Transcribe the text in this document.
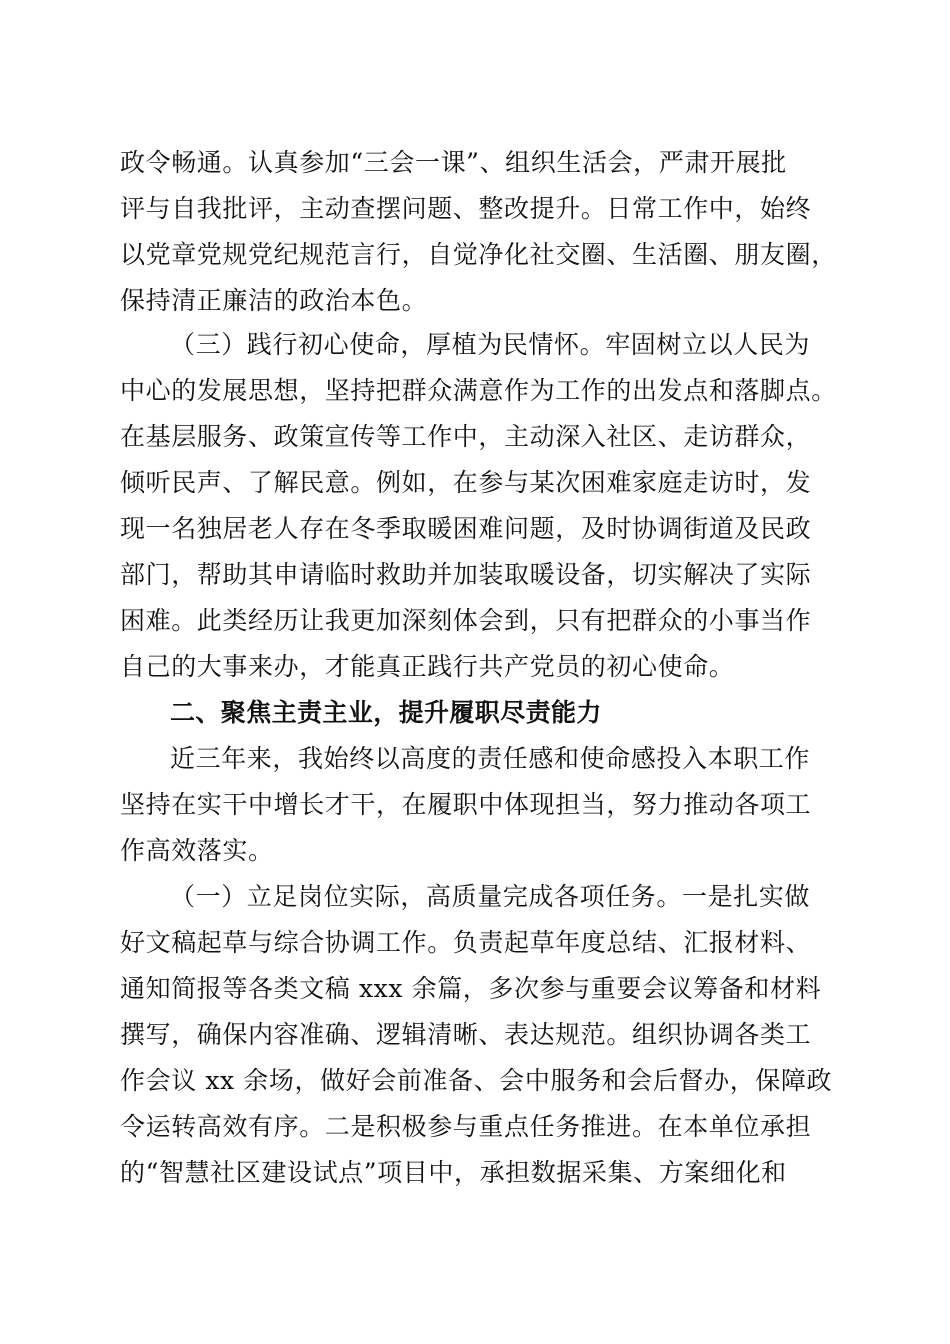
政令畅通。认真参加“三会一课”、组织生活会，严肃开展批
评与自我批评，主动查摆问题、整改提升。日常工作中，始终
以党章党规党纪规范言行，自觉净化社交圈、生活圈、朋友圈，
保持清正廉洁的政治本色。
（三）践行初心使命，厚植为民情怀。牢固树立以人民为
中心的发展思想，坚持把群众满意作为工作的出发点和落脚点。
在基层服务、政策宣传等工作中，主动深入社区、走访群众，
倾听民声、了解民意。例如，在参与某次困难家庭走访时，发
现一名独居老人存在冬季取暖困难问题，及时协调街道及民政
部门，帮助其申请临时救助并加装取暖设备，切实解决了实际
困难。此类经历让我更加深刻体会到，只有把群众的小事当作
自己的大事来办，才能真正践行共产党员的初心使命。
二、聚焦主责主业，提升履职尽责能力
近三年来，我始终以高度的责任感和使命感投入本职工作
坚持在实干中增长才干，在履职中体现担当，努力推动各项工
作高效落实。
（一）立足岗位实际，高质量完成各项任务。一是扎实做
好文稿起草与综合协调工作。负责起草年度总结、汇报材料、
通知简报等各类文稿 xxx 余篇，多次参与重要会议筹备和材料
撰写，确保内容准确、逻辑清晰、表达规范。组织协调各类工
作会议 xx 余场，做好会前准备、会中服务和会后督办，保障政
令运转高效有序。二是积极参与重点任务推进。在本单位承担
的“智慧社区建设试点”项目中，承担数据采集、方案细化和
